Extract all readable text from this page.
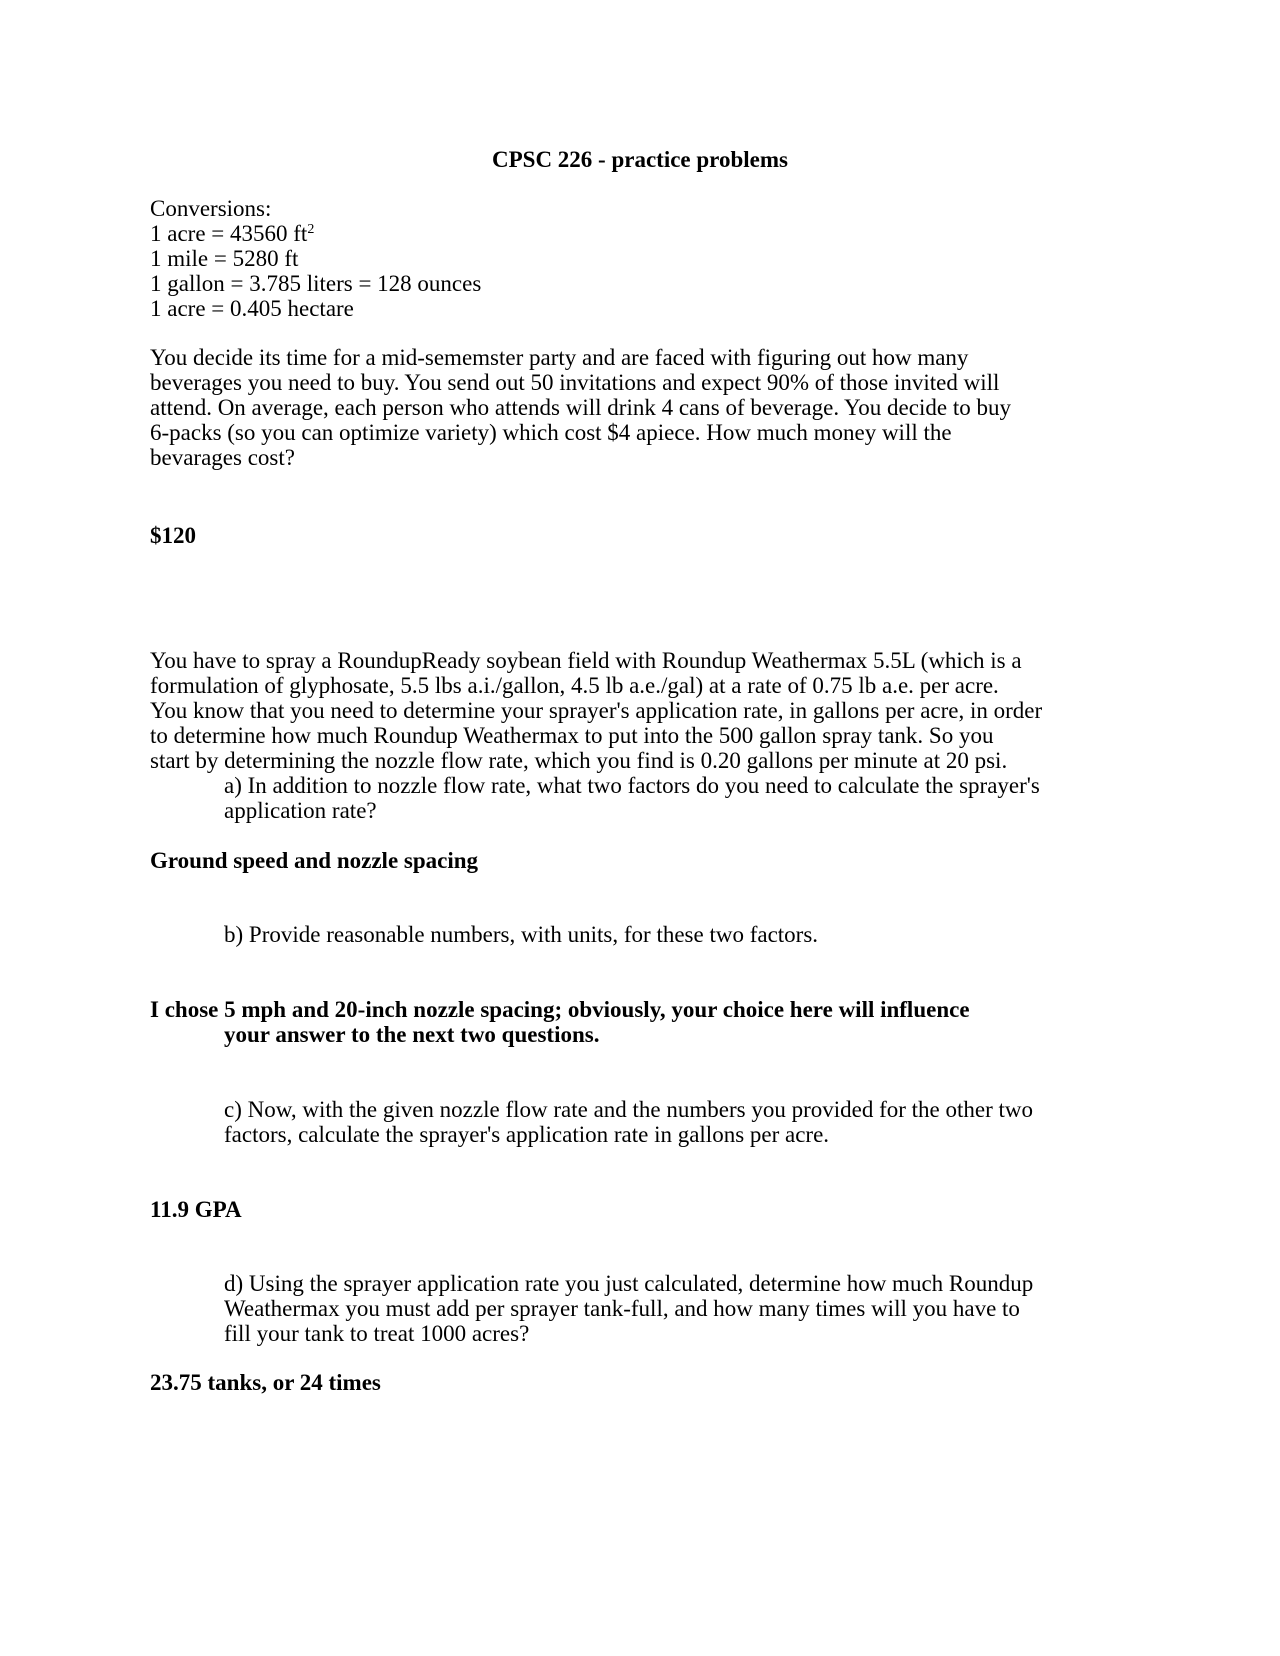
CPSC 226 - practice problems
Conversions:
1 acre = 43560 $ft^2$
1 mile = 5280 ft
1 gallon = 3.785 liters = 128 ounces
1 acre = 0.405 hectare
You decide its time for a mid-sememster party and are faced with figuring out how many
beverages you need to buy. You send out 50 invitations and expect 90% of those invited will
attend. On average, each person who attends will drink 4 cans of beverage. You decide to buy
6-packs (so you can optimize variety) which cost $4 apiece. How much money will the
bevarages cost?
$120
You have to spray a RoundupReady soybean field with Roundup Weathermax 5.5L (which is a
formulation of glyphosate, 5.5 lbs a.i./gallon, 4.5 lb a.e./gal) at a rate of 0.75 lb a.e. per acre.
You know that you need to determine your sprayer's application rate, in gallons per acre, in order
to determine how much Roundup Weathermax to put into the 500 gallon spray tank. So you
start by determining the nozzle flow rate, which you find is 0.20 gallons per minute at 20 psi.
a) In addition to nozzle flow rate, what two factors do you need to calculate the sprayer's
application rate?
Ground speed and nozzle spacing
b) Provide reasonable numbers, with units, for these two factors.
I chose 5 mph and 20-inch nozzle spacing; obviously, your choice here will influence
your answer to the next two questions.
c) Now, with the given nozzle flow rate and the numbers you provided for the other two
factors, calculate the sprayer's application rate in gallons per acre.
11.9 GPA
d) Using the sprayer application rate you just calculated, determine how much Roundup
Weathermax you must add per sprayer tank-full, and how many times will you have to
fill your tank to treat 1000 acres?
23.75 tanks, or 24 times
